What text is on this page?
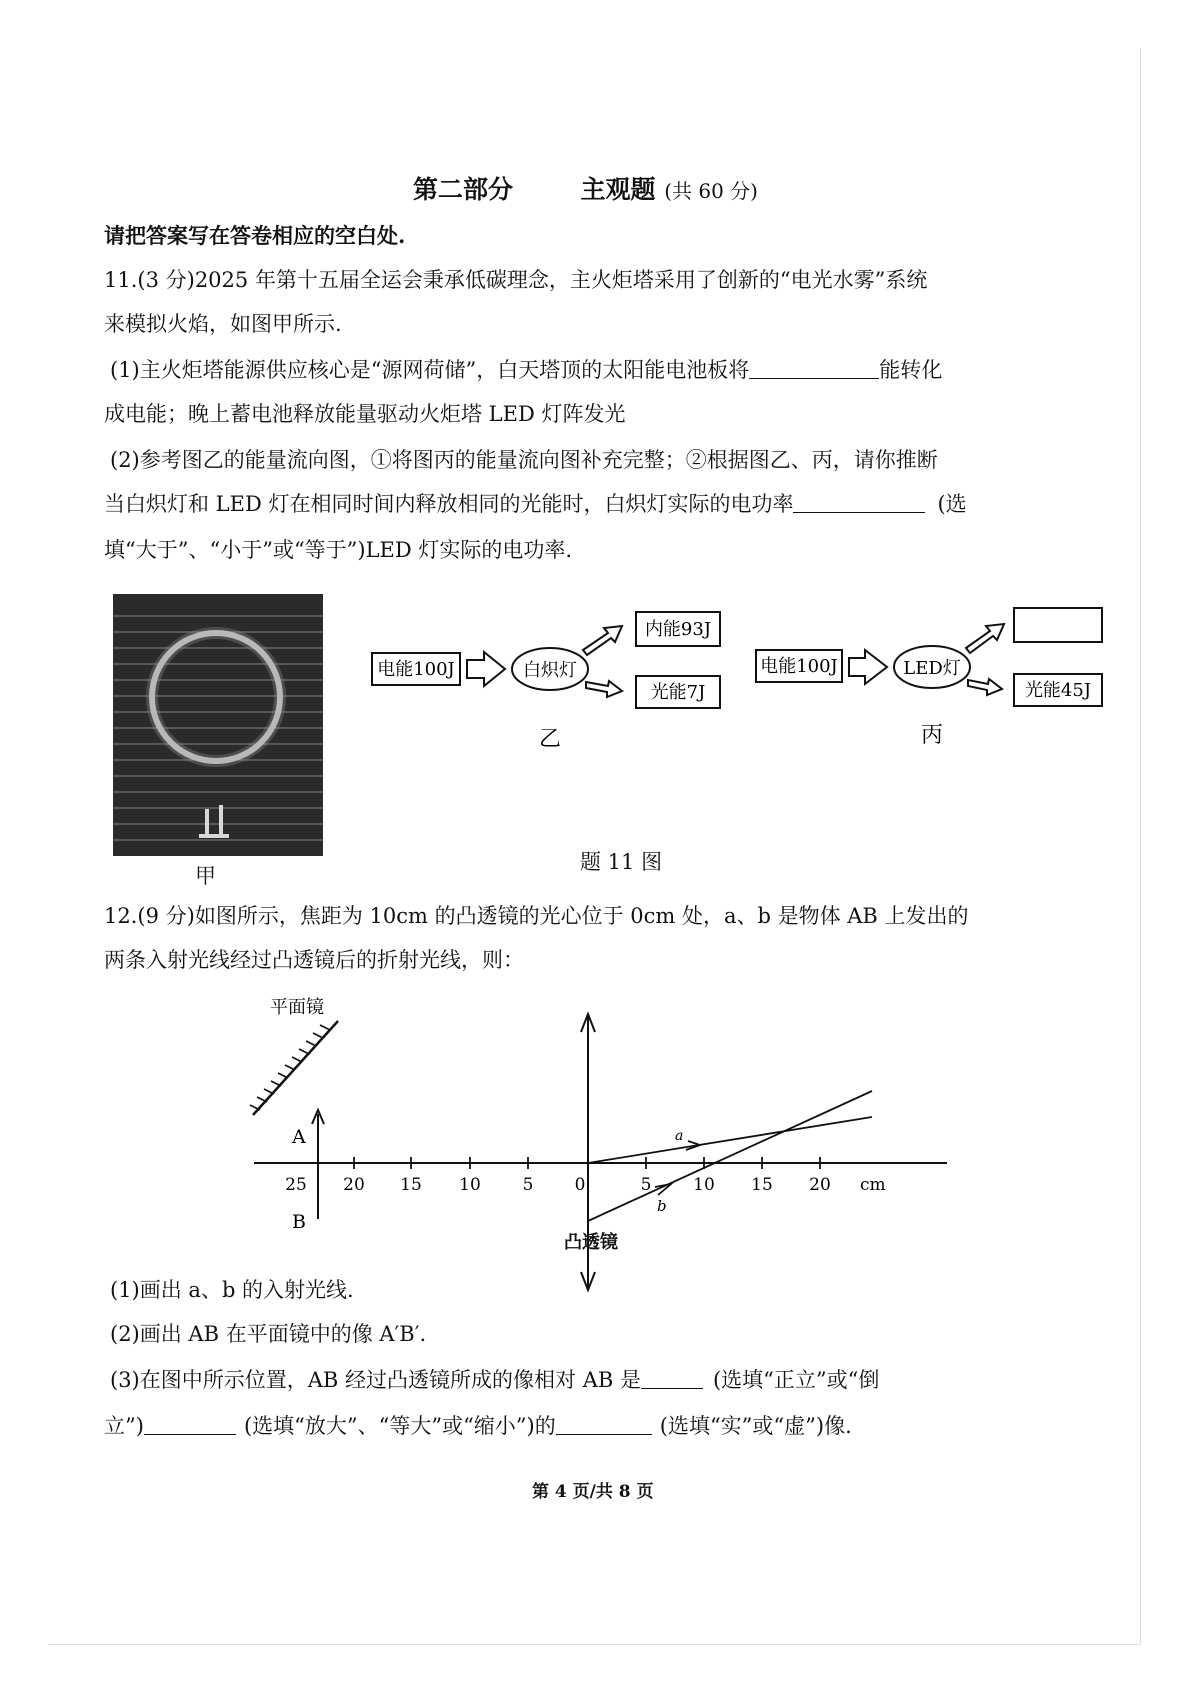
第二部分	主观题 (共 60 分)
请把答案写在答卷相应的空白处.
11.(3 分)2025 年第十五届全运会秉承低碳理念，主火炬塔采用了创新的“电光水雾”系统
来模拟火焰，如图甲所示.
(1)主火炬塔能源供应核心是“源网荷储”，白天塔顶的太阳能电池板将	能转化
成电能；晚上蓄电池释放能量驱动火炬塔 LED 灯阵发光
(2)参考图乙的能量流向图，①将图丙的能量流向图补充完整；②根据图乙、丙，请你推断
当白炽灯和 LED 灯在相同时间内释放相同的光能时，白炽灯实际的电功率	(选
填“大于”、“小于”或“等于”)LED 灯实际的电功率.
甲
电能100J	白炽灯
内能93J
光能7J
乙
电能100J	LED灯
光能45J
丙
题 11 图
12.(9 分)如图所示，焦距为 10cm 的凸透镜的光心位于 0cm 处，a、b 是物体 AB 上发出的
两条入射光线经过凸透镜后的折射光线，则：
平面镜
A
B
25 20 15 10 5 0	5 10 15 20 cm
a
b
凸透镜
(1)画出 a、b 的入射光线.
(2)画出 AB 在平面镜中的像 A′B′.
(3)在图中所示位置，AB 经过凸透镜所成的像相对 AB 是	(选填“正立”或“倒
立”)	(选填“放大”、“等大”或“缩小”)的	(选填“实”或“虚”)像.
第 4 页/共 8 页
